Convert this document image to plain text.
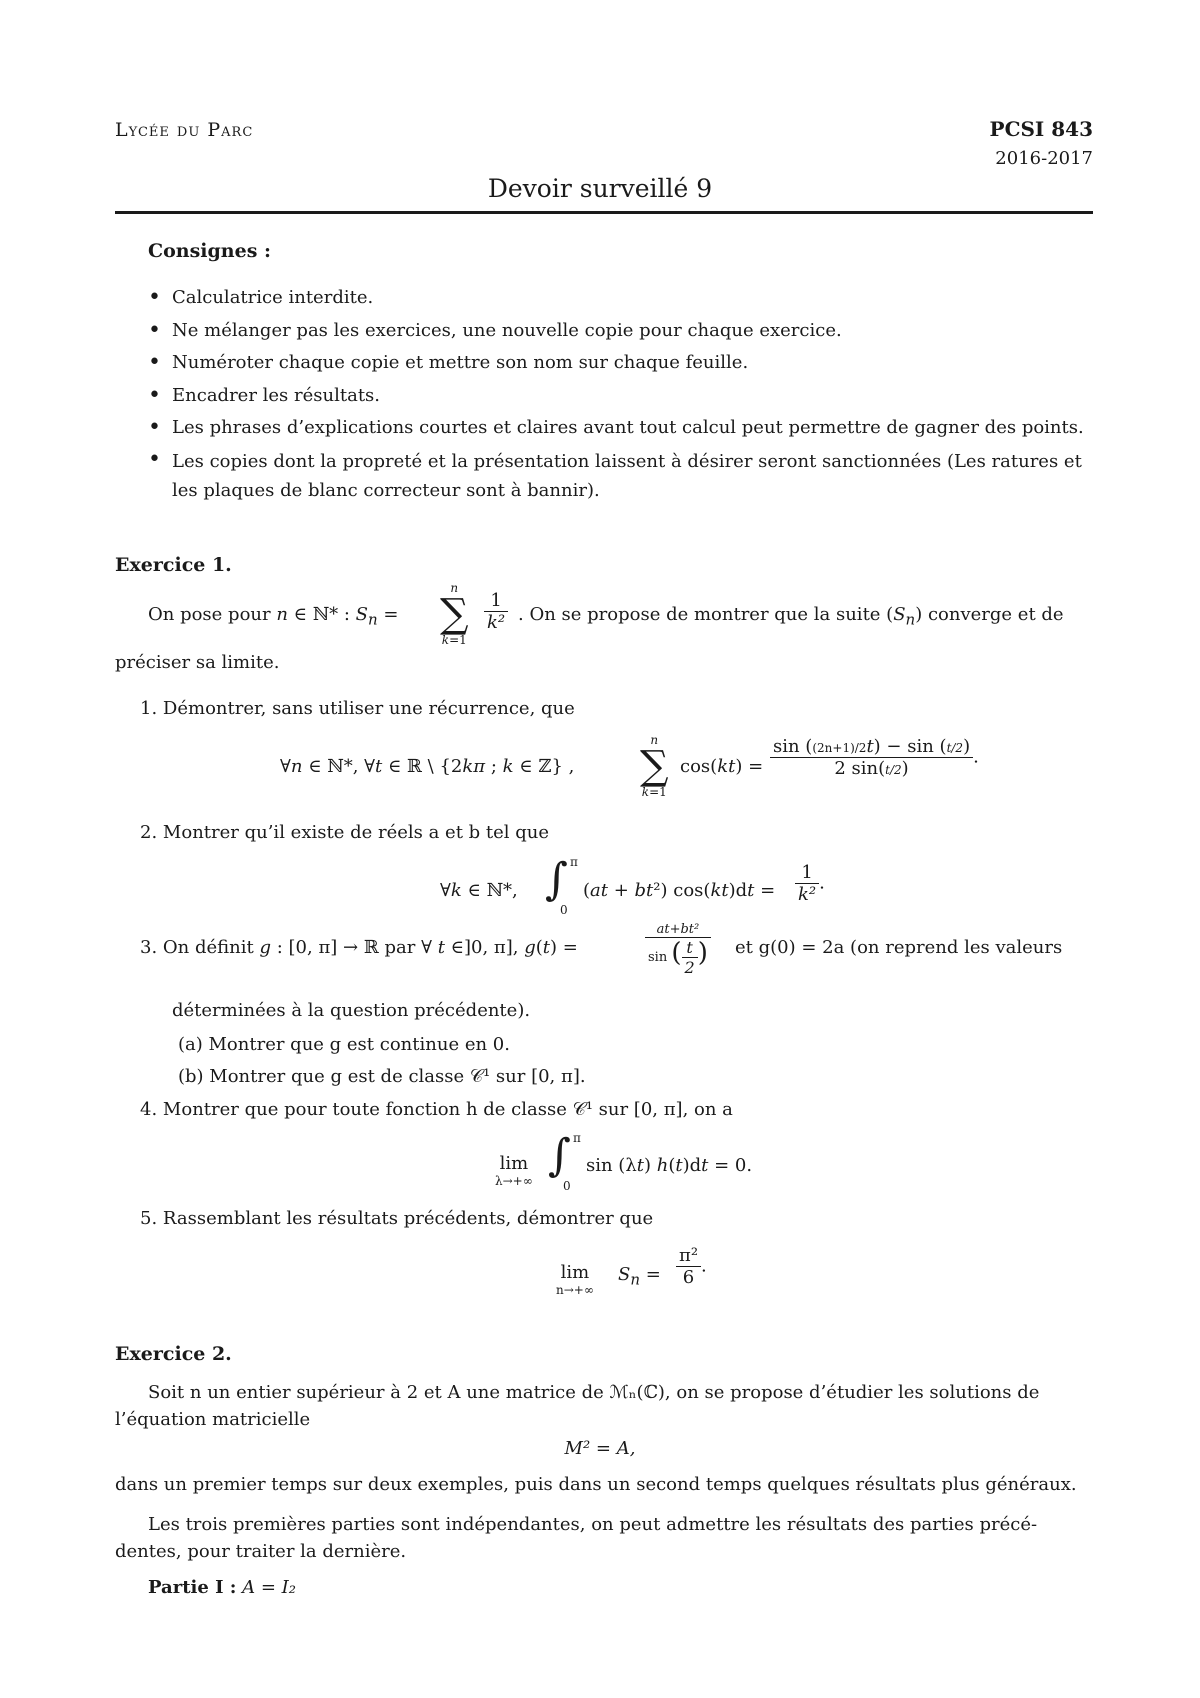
Lycée du Parc	PCSI 843
2016-2017
Devoir surveillé 9
Consignes :
• Calculatrice interdite.
• Ne mélanger pas les exercices, une nouvelle copie pour chaque exercice.
• Numéroter chaque copie et mettre son nom sur chaque feuille.
• Encadrer les résultats.
• Les phrases d’explications courtes et claires avant tout calcul peut permettre de gagner des points.
• Les copies dont la propreté et la présentation laissent à désirer seront sanctionnées (Les ratures et les plaques de blanc correcteur sont à bannir).
Exercice 1.
On pose pour n ∈ ℕ* : $S_n$ =
n
∑
k=1
$\frac{1}{\text{k²}}$ . On se propose de montrer que la suite $(S_n)$ converge et de
préciser sa limite.
1. Démontrer, sans utiliser une récurrence, que
∀n ∈ ℕ*, ∀t ∈ ℝ \ {2kπ ; k ∈ ℤ} ,
n
∑
k=1
$\cos(kt) = \frac{\sin ((2n+1)/2t) - \sin (t/2)}{2 \sin(t/2)}$ .
2. Montrer qu’il existe de réels a et b tel que
∀k ∈ ℕ*, ∫ π
0
(at + bt²) $\cos(kt)dt = \frac{1}{\text{k²}}$ .
3. On définit g : [0, π] → ℝ par ∀ t ∈]0, π], g(t) =	$\frac{\text{at+bt²}}{\sin ( \frac{t}{2} )}$ et g(0) = 2a (on reprend les valeurs
déterminées à la question précédente).
(a) Montrer que g est continue en 0.
(b) Montrer que g est de classe 𝒞¹ sur [0, π].
4. Montrer que pour toute fonction h de classe 𝒞¹ sur [0, π], on a
lim
λ→+∞ ∫ π
0
sin (λt) h(t)dt = 0.
5. Rassemblant les résultats précédents, démontrer que
lim
n→+∞
$S_n = \frac{\text{π²}}{6}$ .
Exercice 2.
Soit n un entier supérieur à 2 et A une matrice de ℳₙ(ℂ), on se propose d’étudier les solutions de
l’équation matricielle
M² = A,
dans un premier temps sur deux exemples, puis dans un second temps quelques résultats plus généraux.
Les trois premières parties sont indépendantes, on peut admettre les résultats des parties précé-
dentes, pour traiter la dernière.
Partie I : A = I₂
